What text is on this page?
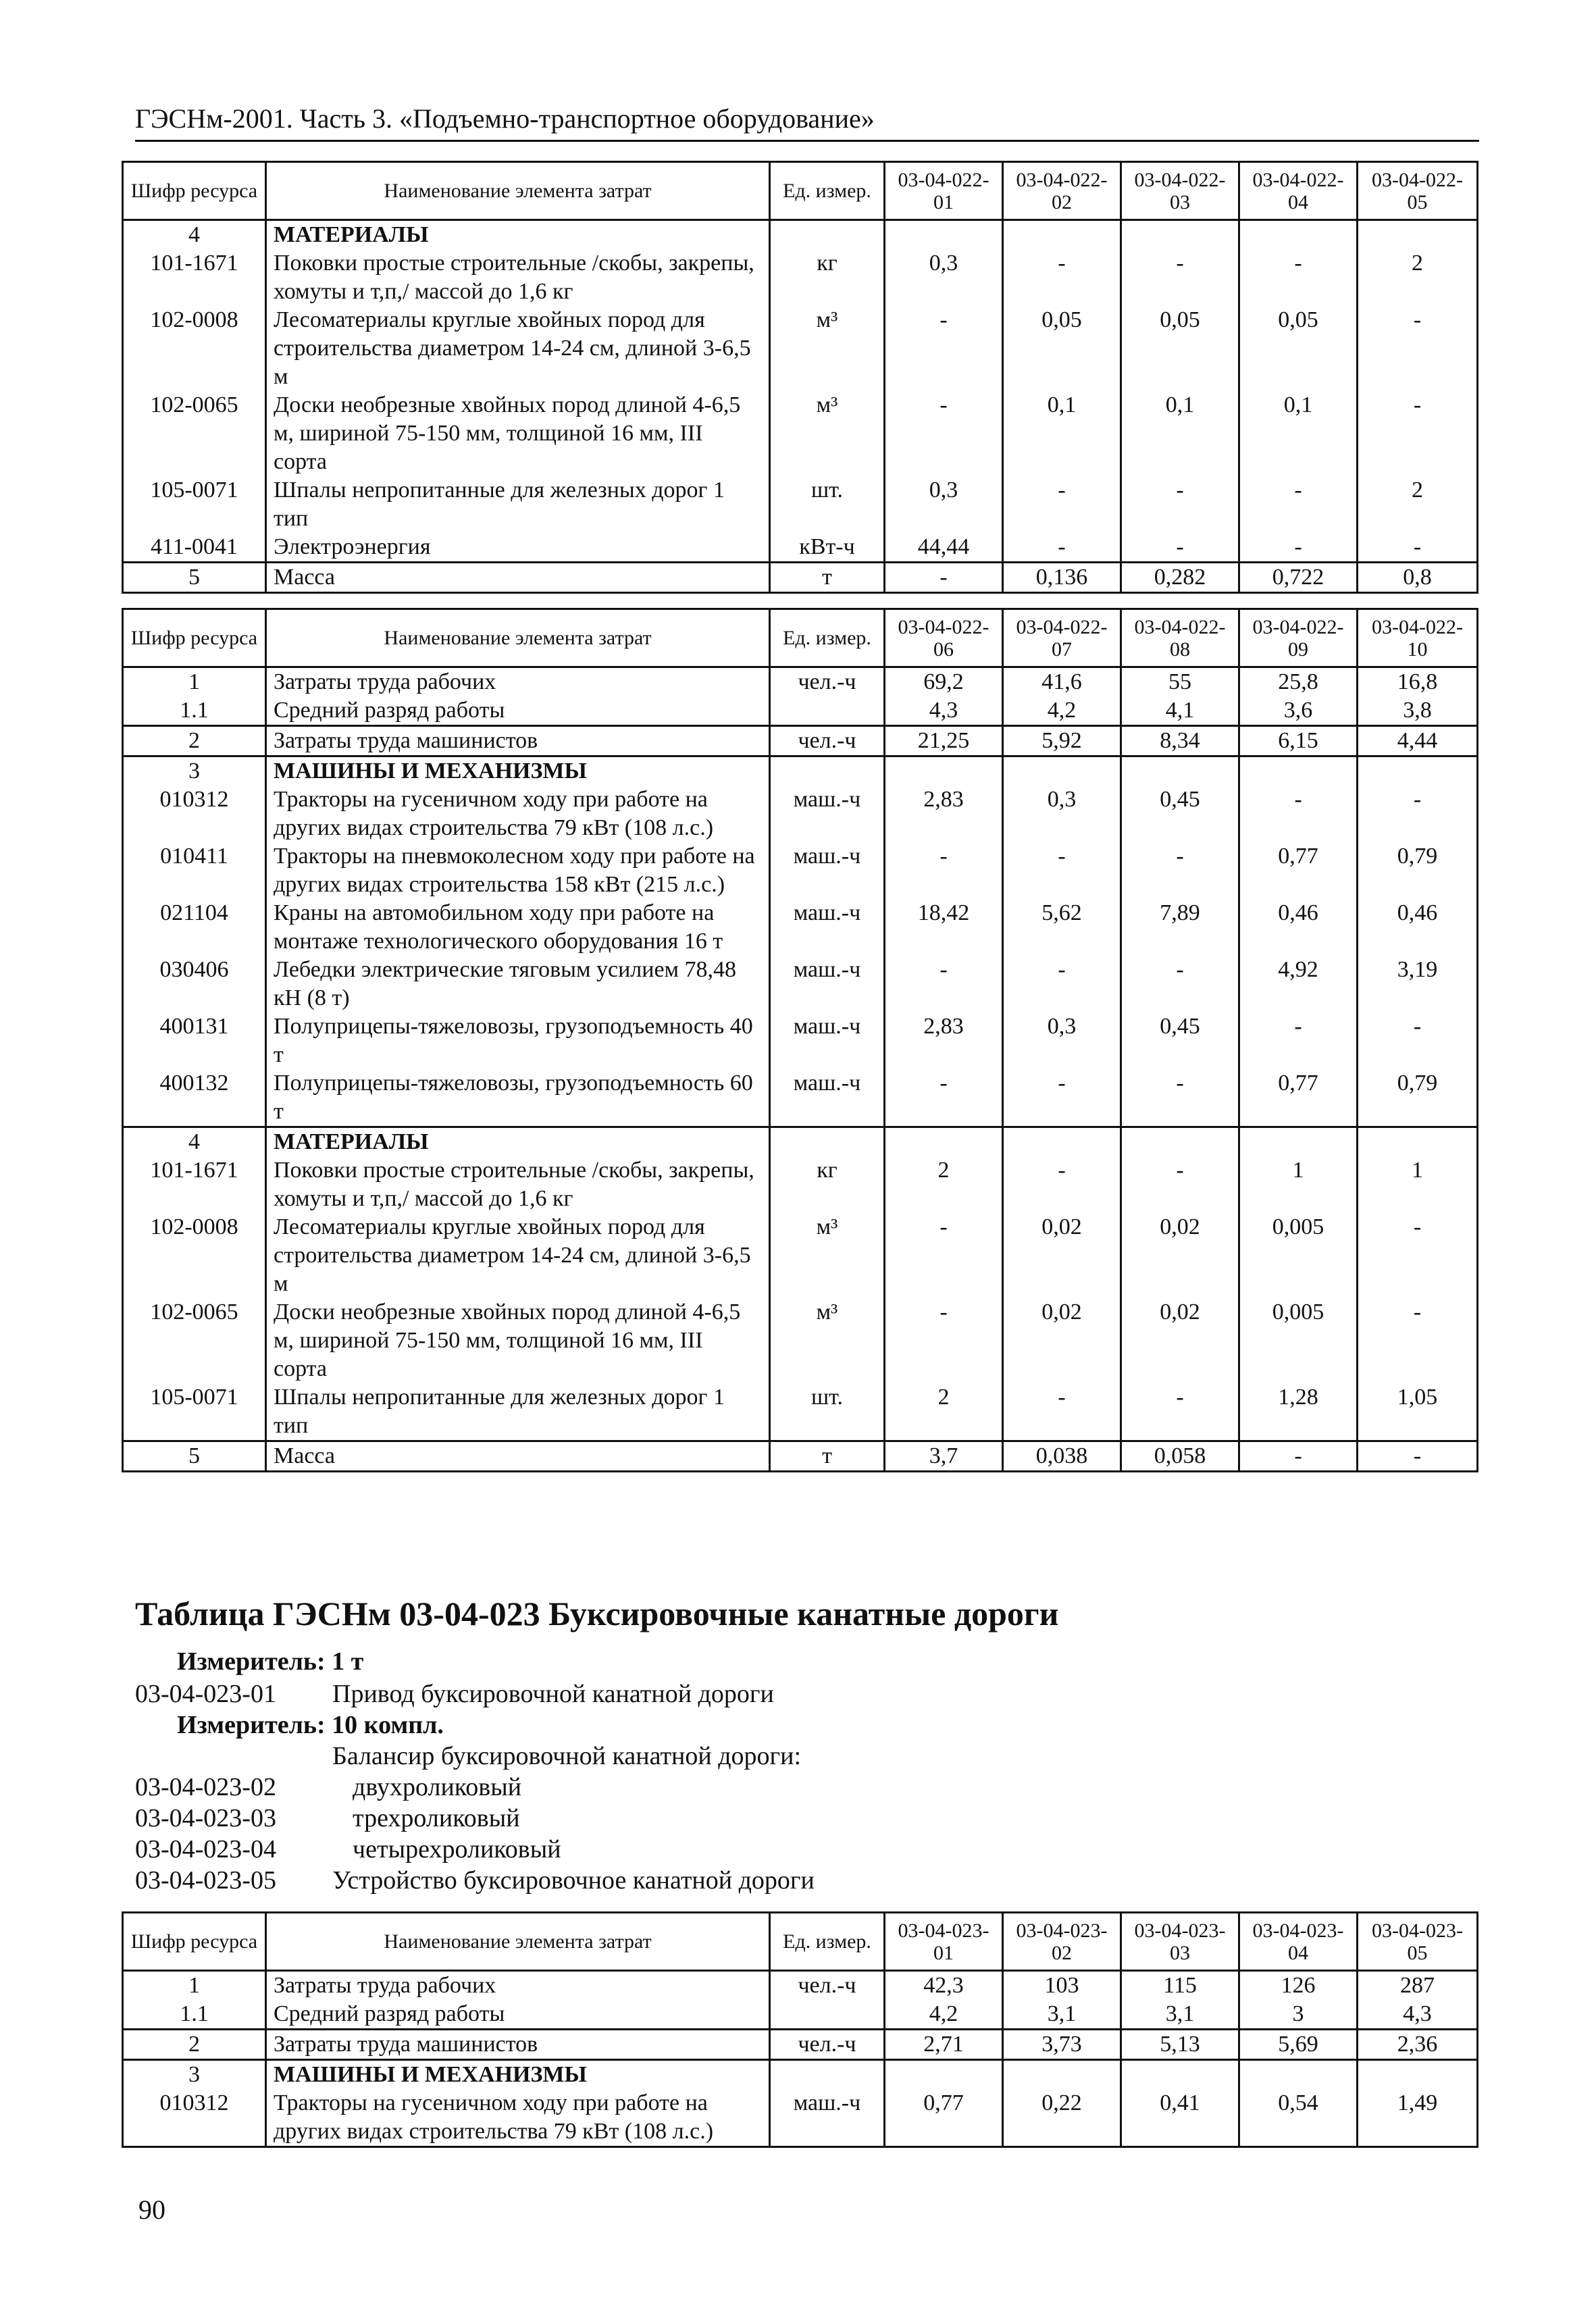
ГЭСНм-2001. Часть 3. «Подъемно-транспортное оборудование»
Шифр ресурса	Наименование элемента затрат	Ед. измер.	03-04-022-01	03-04-022-02	03-04-022-03	03-04-022-04	03-04-022-05
4	МАТЕРИАЛЫ						
101-1671	Поковки простые строительные /скобы, закрепы, хомуты и т,п,/ массой до 1,6 кг	кг	0,3	-	-	-	2
102-0008	Лесоматериалы круглые хвойных пород для строительства диаметром 14-24 см, длиной 3-6,5 м	м³	-	0,05	0,05	0,05	-
102-0065	Доски необрезные хвойных пород длиной 4-6,5 м, шириной 75-150 мм, толщиной 16 мм, III сорта	м³	-	0,1	0,1	0,1	-
105-0071	Шпалы непропитанные для железных дорог 1 тип	шт.	0,3	-	-	-	2
411-0041	Электроэнергия	кВт-ч	44,44	-	-	-	-
5	Масса	т	-	0,136	0,282	0,722	0,8
Шифр ресурса	Наименование элемента затрат	Ед. измер.	03-04-022-06	03-04-022-07	03-04-022-08	03-04-022-09	03-04-022-10
1	Затраты труда рабочих	чел.-ч	69,2	41,6	55	25,8	16,8
1.1	Средний разряд работы		4,3	4,2	4,1	3,6	3,8
2	Затраты труда машинистов	чел.-ч	21,25	5,92	8,34	6,15	4,44
3	МАШИНЫ И МЕХАНИЗМЫ						
010312	Тракторы на гусеничном ходу при работе на других видах строительства 79 кВт (108 л.с.)	маш.-ч	2,83	0,3	0,45	-	-
010411	Тракторы на пневмоколесном ходу при работе на других видах строительства 158 кВт (215 л.с.)	маш.-ч	-	-	-	0,77	0,79
021104	Краны на автомобильном ходу при работе на монтаже технологического оборудования 16 т	маш.-ч	18,42	5,62	7,89	0,46	0,46
030406	Лебедки электрические тяговым усилием 78,48 кН (8 т)	маш.-ч	-	-	-	4,92	3,19
400131	Полуприцепы-тяжеловозы, грузоподъемность 40 т	маш.-ч	2,83	0,3	0,45	-	-
400132	Полуприцепы-тяжеловозы, грузоподъемность 60 т	маш.-ч	-	-	-	0,77	0,79
4	МАТЕРИАЛЫ						
101-1671	Поковки простые строительные /скобы, закрепы, хомуты и т,п,/ массой до 1,6 кг	кг	2	-	-	1	1
102-0008	Лесоматериалы круглые хвойных пород для строительства диаметром 14-24 см, длиной 3-6,5 м	м³	-	0,02	0,02	0,005	-
102-0065	Доски необрезные хвойных пород длиной 4-6,5 м, шириной 75-150 мм, толщиной 16 мм, III сорта	м³	-	0,02	0,02	0,005	-
105-0071	Шпалы непропитанные для железных дорог 1 тип	шт.	2	-	-	1,28	1,05
5	Масса	т	3,7	0,038	0,058	-	-
Таблица ГЭСНм 03-04-023 Буксировочные канатные дороги
Измеритель: 1 т
03-04-023-01 Привод буксировочной канатной дороги
Измеритель: 10 компл.
Балансир буксировочной канатной дороги:
03-04-023-02	двухроликовый
03-04-023-03	трехроликовый
03-04-023-04	четырехроликовый
03-04-023-05 Устройство буксировочное канатной дороги
Шифр ресурса	Наименование элемента затрат	Ед. измер.	03-04-023-01	03-04-023-02	03-04-023-03	03-04-023-04	03-04-023-05
1	Затраты труда рабочих	чел.-ч	42,3	103	115	126	287
1.1	Средний разряд работы		4,2	3,1	3,1	3	4,3
2	Затраты труда машинистов	чел.-ч	2,71	3,73	5,13	5,69	2,36
3	МАШИНЫ И МЕХАНИЗМЫ						
010312	Тракторы на гусеничном ходу при работе на других видах строительства 79 кВт (108 л.с.)	маш.-ч	0,77	0,22	0,41	0,54	1,49
90
